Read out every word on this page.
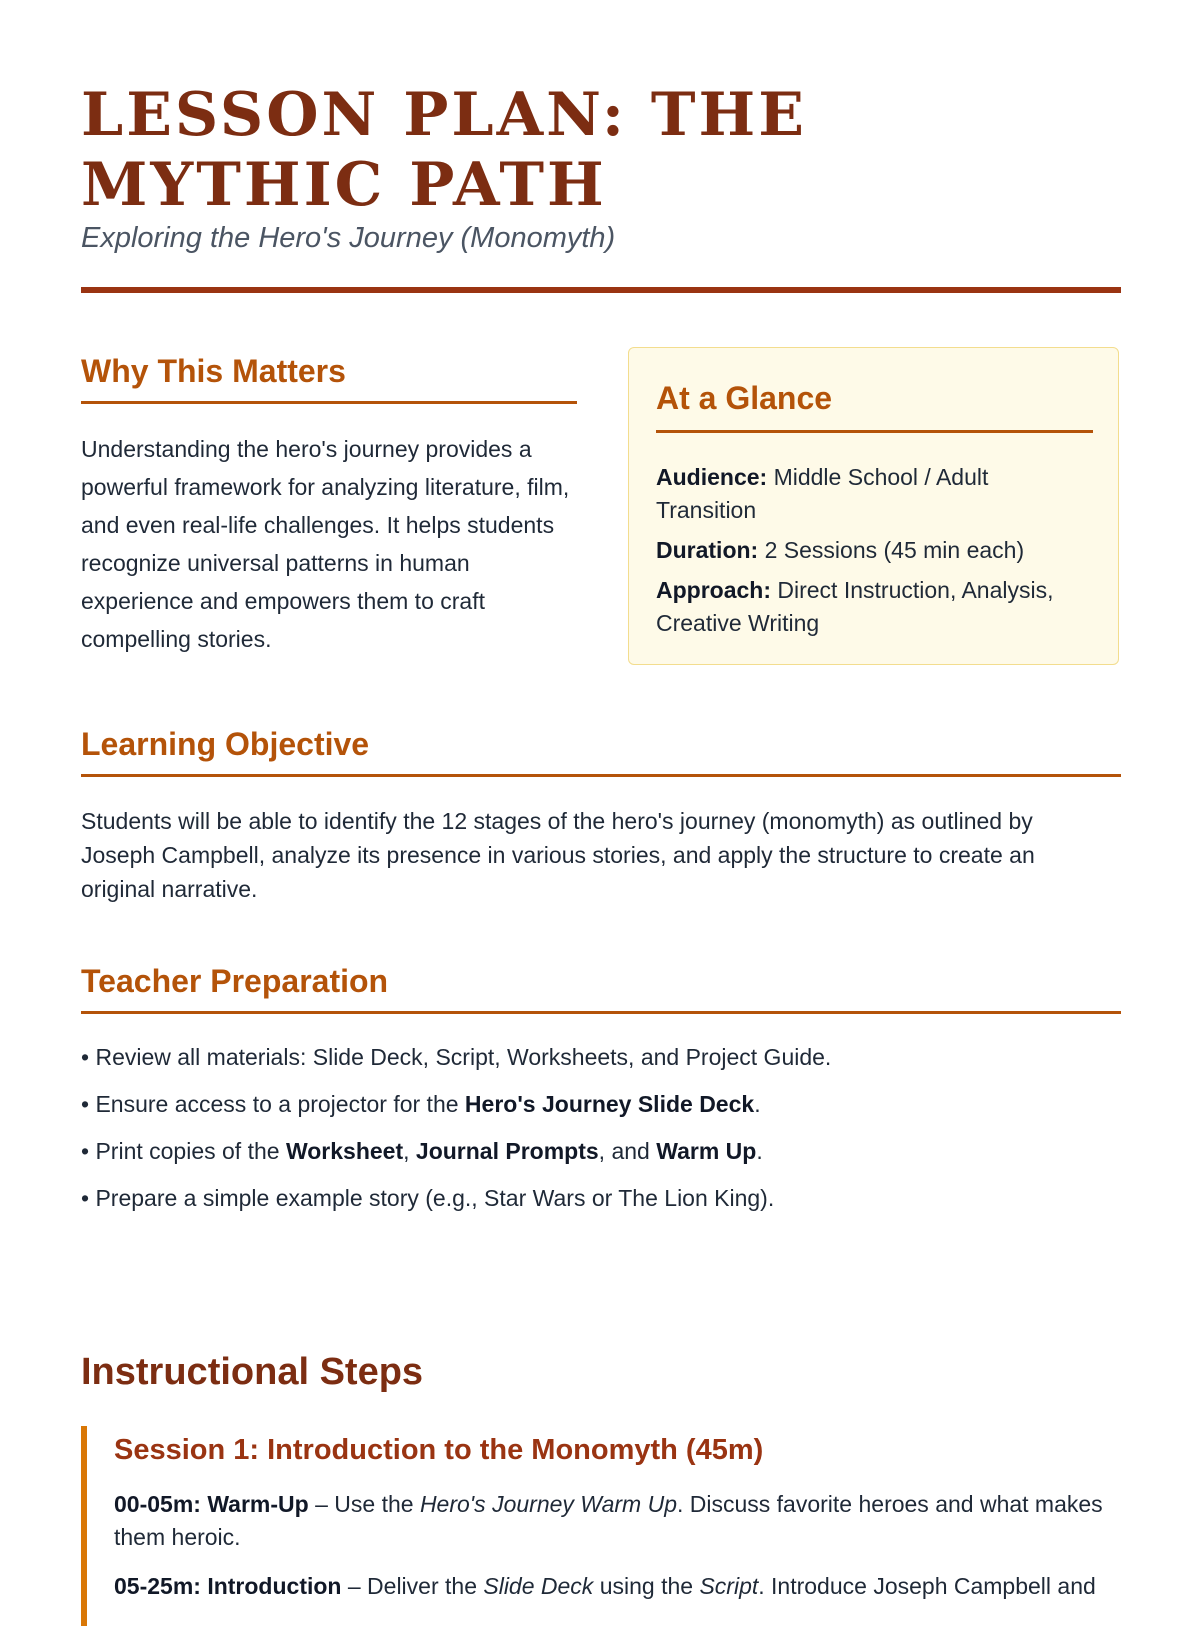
LESSON PLAN: THE MYTHIC PATH

Exploring the Hero's Journey (Monomyth)

Why This Matters

Understanding the hero's journey provides a powerful framework for analyzing literature, film, and even real-life challenges. It helps students recognize universal patterns in human experience and empowers them to craft compelling stories.

At a Glance

Audience: Middle School / Adult Transition

Duration: 2 Sessions (45 min each)

Approach: Direct Instruction, Analysis, Creative Writing

Learning Objective

Students will be able to identify the 12 stages of the hero's journey (monomyth) as outlined by Joseph Campbell, analyze its presence in various stories, and apply the structure to create an original narrative.

Teacher Preparation

• Review all materials: Slide Deck, Script, Worksheets, and Project Guide.

• Ensure access to a projector for the Hero's Journey Slide Deck.

• Print copies of the Worksheet, Journal Prompts, and Warm Up.

• Prepare a simple example story (e.g., Star Wars or The Lion King).

Instructional Steps
Session 1: Introduction to the Monomyth (45m)

00-05m: Warm-Up – Use the Hero's Journey Warm Up. Discuss favorite heroes and what makes them heroic.

05-25m: Introduction – Deliver the Slide Deck using the Script. Introduce Joseph Campbell and
